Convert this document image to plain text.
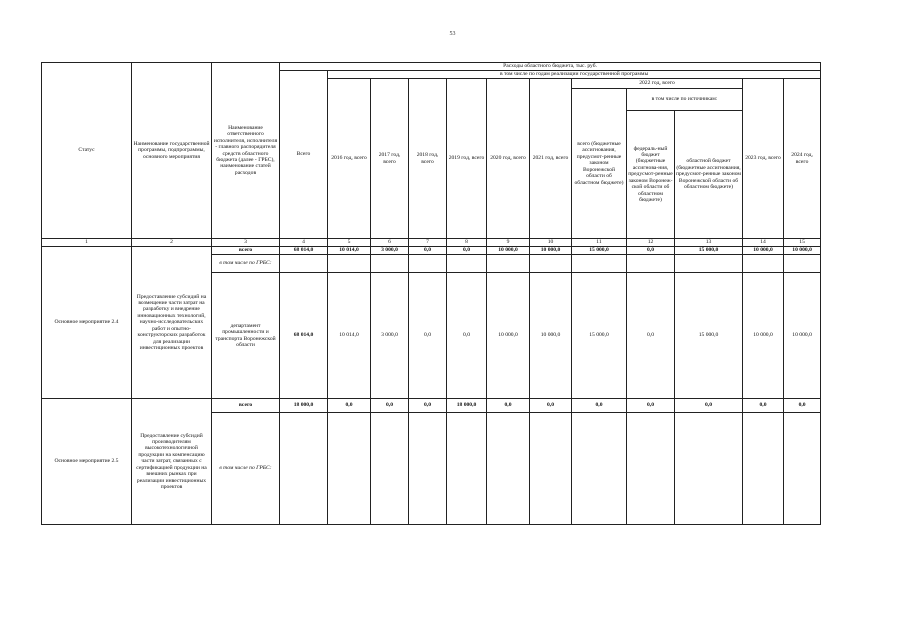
53
Статус	Наименование государственной программы, подпрограммы, основного мероприятия	Наименование ответственного исполнителя, исполнителя - главного распорядителя средств областного бюджета (далее - ГРБС), наименование статей расходов	Расходы областного бюджета, тыс. руб.											
			Всего	в том числе по годам реализации государственной программы										
				2016 год, всего	2017 год, всего	2018 год, всего	2019 год, всего	2020 год, всего	2021 год, всего	2022 год, всего			2023 год, всего	2024 год, всего
										всего (бюджетные ассигнования, предусмот-ренные законом Воронежской области об областном бюджете)	в том числе по источникам:			
											федераль-ный бюджет (бюджетные ассигнова-ния, предусмот-ренные законом Воронеж-ской области об областном бюджете)	областной бюджет (бюджетные ассигнования, предусмот-ренные законом Воронежской области об областном бюджете)		
1	2	3	4	5	6	7	8	9	10	11	12	13	14	15
Основное мероприятие 2.4	Предоставление субсидий на возмещение части затрат на разработку и внедрение инновационных технологий, научно-исследовательских работ и опытно-конструкторских разработок для реализации инвестиционных проектов	всего	68 014,0	10 014,0	3 000,0	0,0	0,0	10 000,0	10 000,0	15 000,0	0,0	15 000,0	10 000,0	10 000,0
		в том числе по ГРБС:												
		департамент промышленности и транспорта Воронежской области	68 014,0	10 014,0	3 000,0	0,0	0,0	10 000,0	10 000,0	15 000,0	0,0	15 000,0	10 000,0	10 000,0
Основное мероприятие 2.5	Предоставление субсидий производителям высокотехнологичной продукции на компенсацию части затрат, связанных с сертификацией продукции на внешних рынках при реализации инвестиционных проектов	всего	18 000,0	0,0	0,0	0,0	18 000,0	0,0	0,0	0,0	0,0	0,0	0,0	0,0
		в том числе по ГРБС:												
